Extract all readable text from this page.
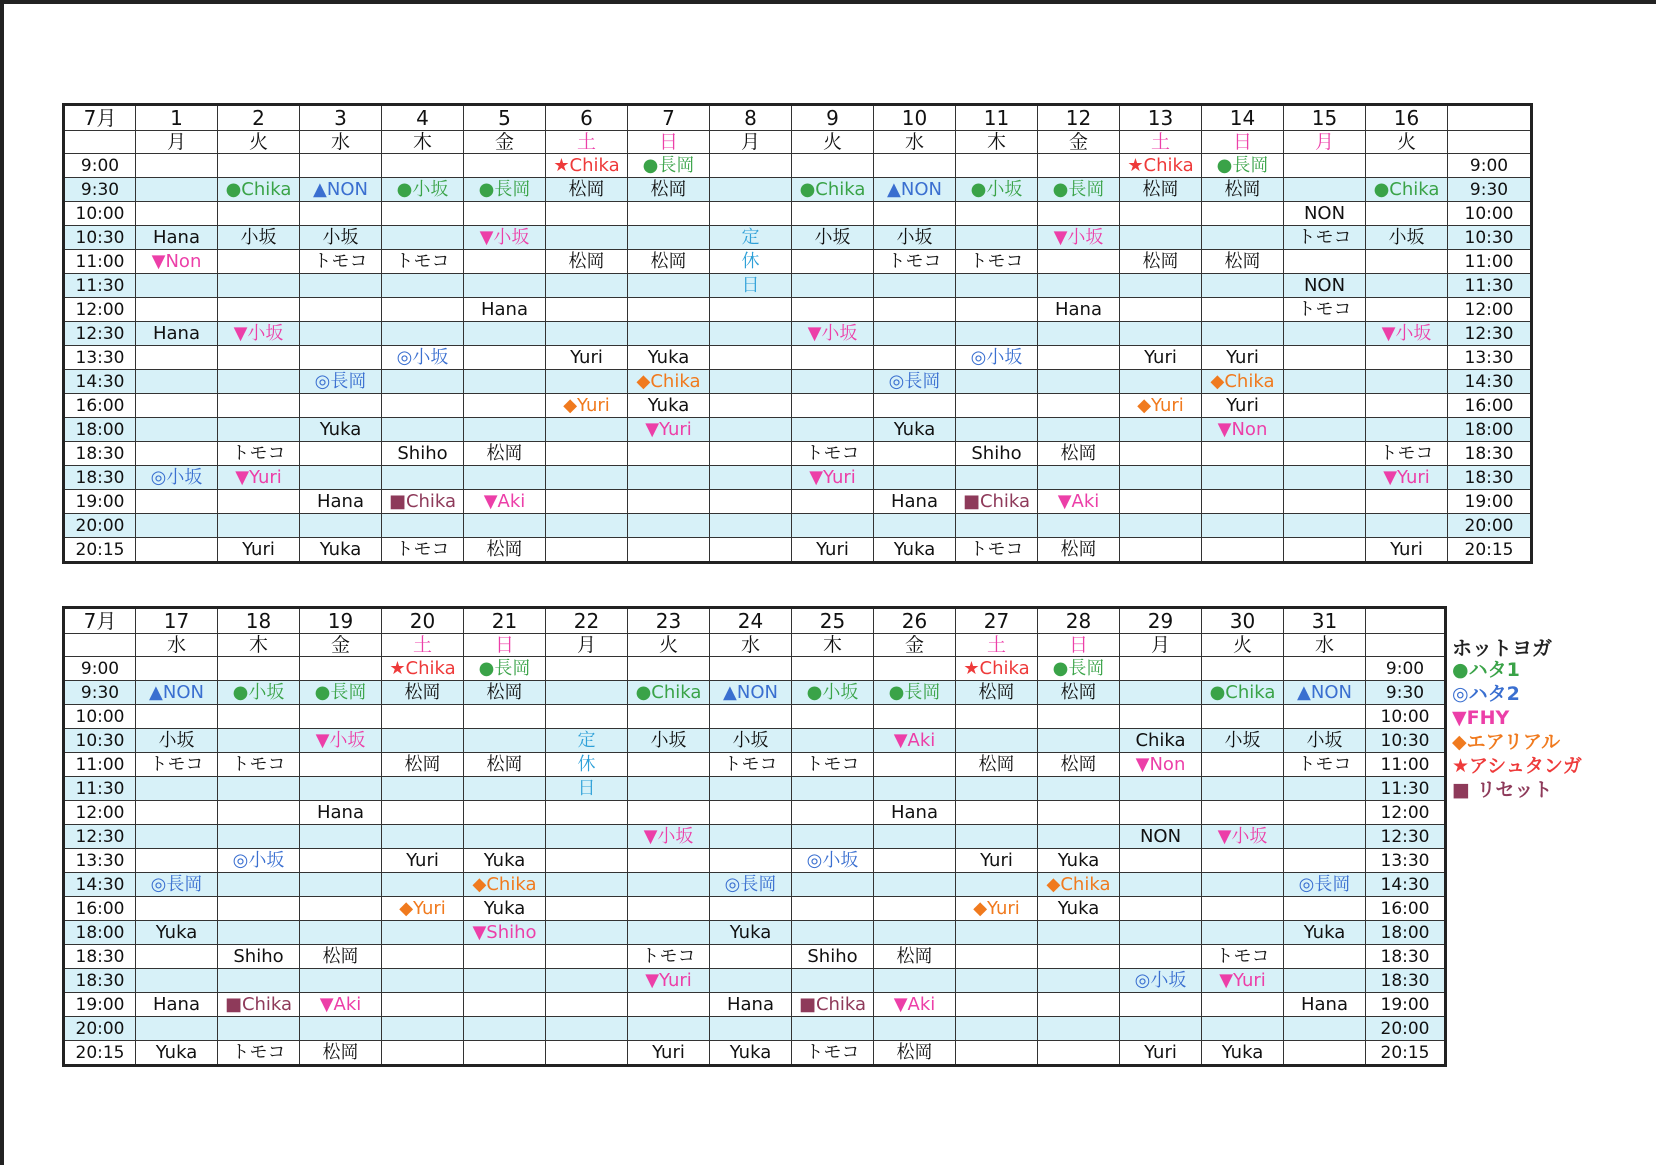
7月	1	2	3	4	5	6	7	8	9	10	11	12	13	14	15	16	
	月	火	水	木	金	土	日	月	火	水	木	金	土	日	月	火	
9:00						★Chika	●長岡						★Chika	●長岡			9:00
9:30		●Chika	▲NON	●小坂	●長岡	松岡	松岡		●Chika	▲NON	●小坂	●長岡	松岡	松岡		●Chika	9:30
10:00															NON		10:00
10:30	Hana	小坂	小坂		▼小坂			定	小坂	小坂		▼小坂			トモコ	小坂	10:30
11:00	▼Non		トモコ	トモコ		松岡	松岡	休		トモコ	トモコ		松岡	松岡			11:00
11:30								日							NON		11:30
12:00					Hana							Hana			トモコ		12:00
12:30	Hana	▼小坂							▼小坂							▼小坂	12:30
13:30				◎小坂		Yuri	Yuka				◎小坂		Yuri	Yuri			13:30
14:30			◎長岡				◆Chika			◎長岡				◆Chika			14:30
16:00						◆Yuri	Yuka						◆Yuri	Yuri			16:00
18:00			Yuka				▼Yuri			Yuka				▼Non			18:00
18:30		トモコ		Shiho	松岡				トモコ		Shiho	松岡				トモコ	18:30
18:30	◎小坂	▼Yuri							▼Yuri							▼Yuri	18:30
19:00			Hana	■Chika	▼Aki					Hana	■Chika	▼Aki					19:00
20:00																	20:00
20:15		Yuri	Yuka	トモコ	松岡				Yuri	Yuka	トモコ	松岡				Yuri	20:15
7月	17	18	19	20	21	22	23	24	25	26	27	28	29	30	31	
	水	木	金	土	日	月	火	水	木	金	土	日	月	火	水	
9:00				★Chika	●長岡						★Chika	●長岡				9:00
9:30	▲NON	●小坂	●長岡	松岡	松岡		●Chika	▲NON	●小坂	●長岡	松岡	松岡		●Chika	▲NON	9:30
10:00																10:00
10:30	小坂		▼小坂			定	小坂	小坂		▼Aki			Chika	小坂	小坂	10:30
11:00	トモコ	トモコ		松岡	松岡	休		トモコ	トモコ		松岡	松岡	▼Non		トモコ	11:00
11:30						日										11:30
12:00			Hana							Hana						12:00
12:30							▼小坂						NON	▼小坂		12:30
13:30		◎小坂		Yuri	Yuka				◎小坂		Yuri	Yuka				13:30
14:30	◎長岡				◆Chika			◎長岡				◆Chika			◎長岡	14:30
16:00				◆Yuri	Yuka						◆Yuri	Yuka				16:00
18:00	Yuka				▼Shiho			Yuka							Yuka	18:00
18:30		Shiho	松岡				トモコ		Shiho	松岡				トモコ		18:30
18:30							▼Yuri						◎小坂	▼Yuri		18:30
19:00	Hana	■Chika	▼Aki					Hana	■Chika	▼Aki					Hana	19:00
20:00																20:00
20:15	Yuka	トモコ	松岡				Yuri	Yuka	トモコ	松岡			Yuri	Yuka		20:15
ホットヨガ
●ハタ1
◎ハタ2
▼FHY
◆エアリアル
★アシュタンガ
■ リセット
